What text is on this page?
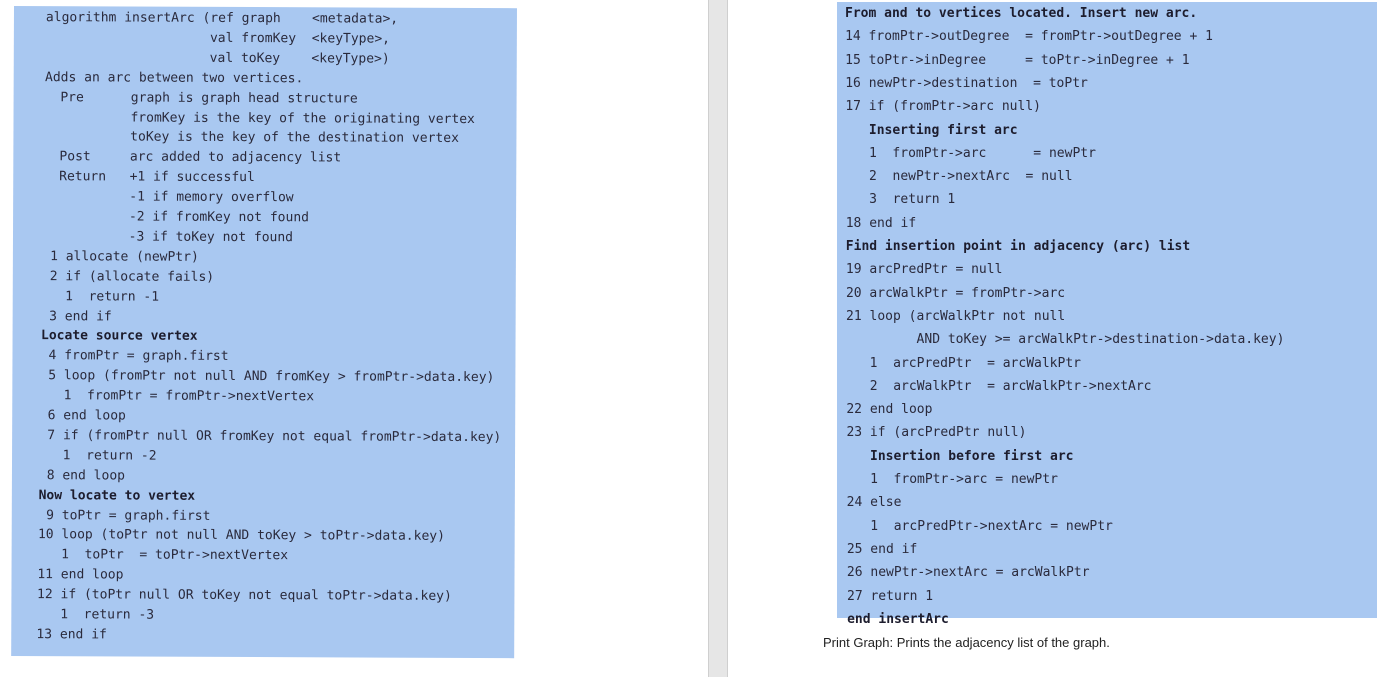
algorithm insertArc (ref graph    <metadata>,
val fromKey  <keyType>,
val toKey    <keyType>)
Adds an arc between two vertices.
Pre      graph is graph head structure
fromKey is the key of the originating vertex
toKey is the key of the destination vertex
Post     arc added to adjacency list
Return   +1 if successful
-1 if memory overflow
-2 if fromKey not found
-3 if toKey not found
1 allocate (newPtr)
2 if (allocate fails)
1  return -1
3 end if
Locate source vertex
4 fromPtr = graph.first
5 loop (fromPtr not null AND fromKey > fromPtr->data.key)
1  fromPtr = fromPtr->nextVertex
6 end loop
7 if (fromPtr null OR fromKey not equal fromPtr->data.key)
1  return -2
8 end loop
Now locate to vertex
9 toPtr = graph.first
10 loop (toPtr not null AND toKey > toPtr->data.key)
1  toPtr  = toPtr->nextVertex
11 end loop
12 if (toPtr null OR toKey not equal toPtr->data.key)
1  return -3
13 end if
From and to vertices located. Insert new arc.
14 fromPtr->outDegree  = fromPtr->outDegree + 1
15 toPtr->inDegree     = toPtr->inDegree + 1
16 newPtr->destination  = toPtr
17 if (fromPtr->arc null)
Inserting first arc
1  fromPtr->arc      = newPtr
2  newPtr->nextArc  = null
3  return 1
18 end if
Find insertion point in adjacency (arc) list
19 arcPredPtr = null
20 arcWalkPtr = fromPtr->arc
21 loop (arcWalkPtr not null
AND toKey >= arcWalkPtr->destination->data.key)
1  arcPredPtr  = arcWalkPtr
2  arcWalkPtr  = arcWalkPtr->nextArc
22 end loop
23 if (arcPredPtr null)
Insertion before first arc
1  fromPtr->arc = newPtr
24 else
1  arcPredPtr->nextArc = newPtr
25 end if
26 newPtr->nextArc = arcWalkPtr
27 return 1
end insertArc
Print Graph: Prints the adjacency list of the graph.
